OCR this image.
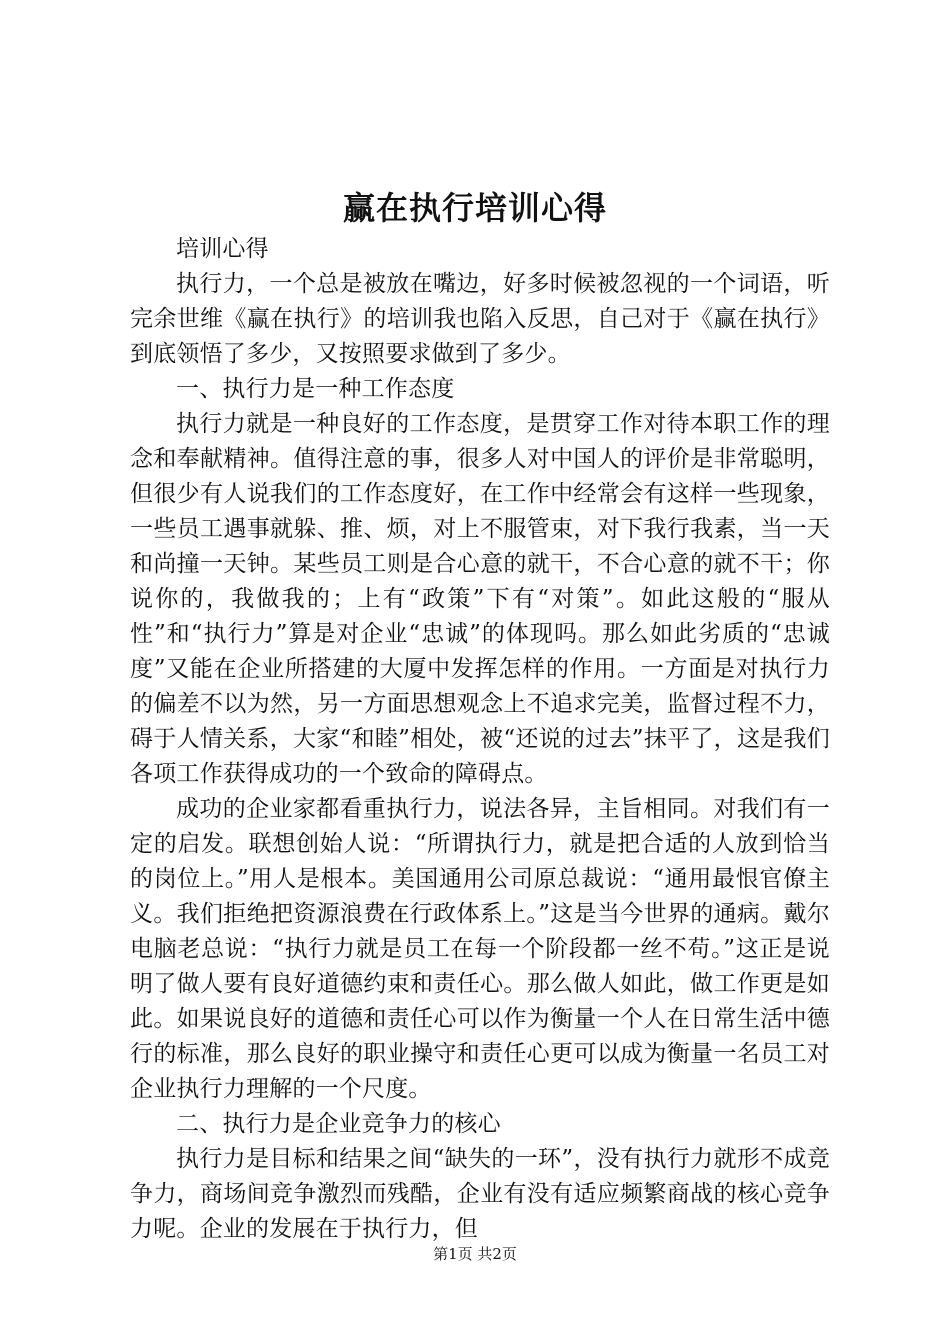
赢在执行培训心得

培训心得

执行力，一个总是被放在嘴边，好多时候被忽视的一个词语，听完余世维《赢在执行》的培训我也陷入反思，自己对于《赢在执行》到底领悟了多少，又按照要求做到了多少。

一、执行力是一种工作态度

执行力就是一种良好的工作态度，是贯穿工作对待本职工作的理念和奉献精神。值得注意的事，很多人对中国人的评价是非常聪明，但很少有人说我们的工作态度好，在工作中经常会有这样一些现象，一些员工遇事就躲、推、烦，对上不服管束，对下我行我素，当一天和尚撞一天钟。某些员工则是合心意的就干，不合心意的就不干；你说你的，我做我的；上有“政策”下有“对策”。如此这般的“服从性”和“执行力”算是对企业“忠诚”的体现吗。那么如此劣质的“忠诚度”又能在企业所搭建的大厦中发挥怎样的作用。一方面是对执行力的偏差不以为然，另一方面思想观念上不追求完美，监督过程不力，碍于人情关系，大家“和睦”相处，被“还说的过去”抹平了，这是我们各项工作获得成功的一个致命的障碍点。

成功的企业家都看重执行力，说法各异，主旨相同。对我们有一定的启发。联想创始人说：“所谓执行力，就是把合适的人放到恰当的岗位上。”用人是根本。美国通用公司原总裁说：“通用最恨官僚主义。我们拒绝把资源浪费在行政体系上。”这是当今世界的通病。戴尔电脑老总说：“执行力就是员工在每一个阶段都一丝不苟。”这正是说明了做人要有良好道德约束和责任心。那么做人如此，做工作更是如此。如果说良好的道德和责任心可以作为衡量一个人在日常生活中德行的标准，那么良好的职业操守和责任心更可以成为衡量一名员工对企业执行力理解的一个尺度。

二、执行力是企业竞争力的核心

执行力是目标和结果之间“缺失的一环”，没有执行力就形不成竞争力，商场间竞争激烈而残酷，企业有没有适应频繁商战的核心竞争力呢。企业的发展在于执行力，但

第1页 共2页
